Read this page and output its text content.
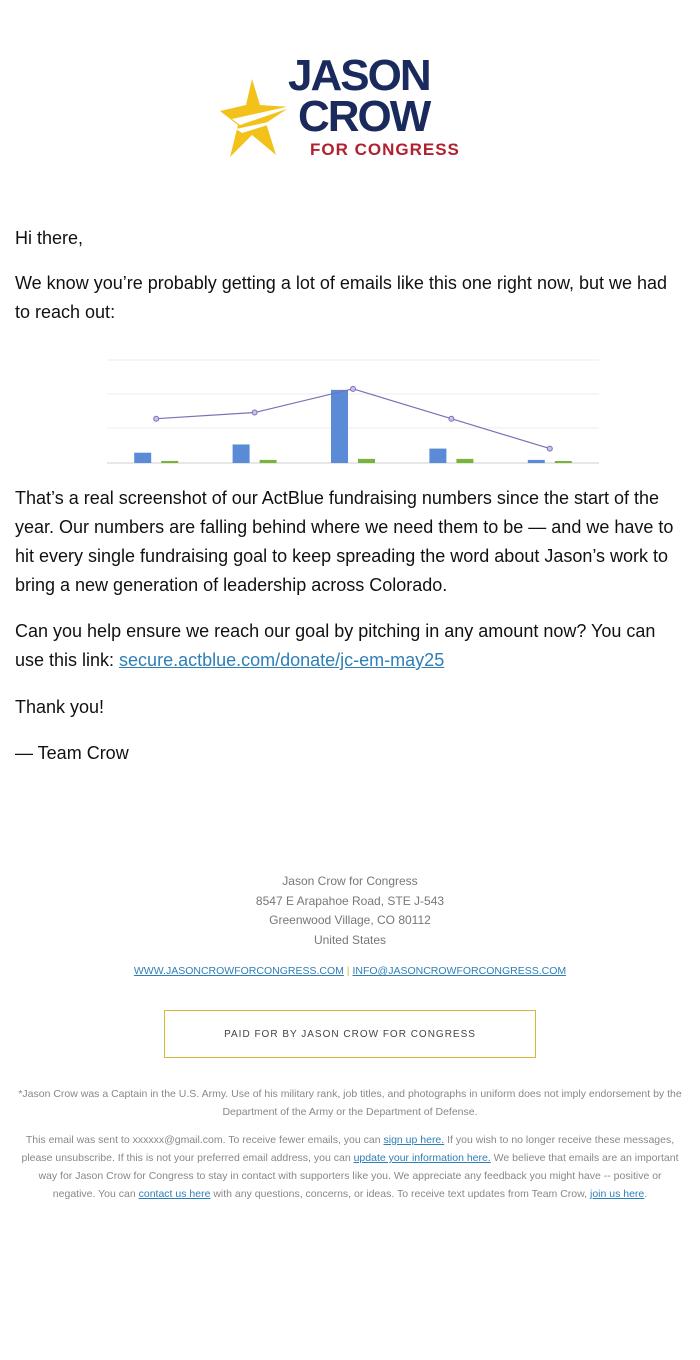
JASON
CROW
FOR CONGRESS

Hi there,

We know you’re probably getting a lot of emails like this one right now, but we had to reach out:

That’s a real screenshot of our ActBlue fundraising numbers since the start of the year. Our numbers are falling behind where we need them to be — and we have to hit every single fundraising goal to keep spreading the word about Jason’s work to bring a new generation of leadership across Colorado.

Can you help ensure we reach our goal by pitching in any amount now? You can use this link: secure.actblue.com/donate/jc-em-may25

Thank you!

— Team Crow

Jason Crow for Congress
8547 E Arapahoe Road, STE J-543
Greenwood Village, CO 80112
United States
WWW.JASONCROWFORCONGRESS.COM | INFO@JASONCROWFORCONGRESS.COM
PAID FOR BY JASON CROW FOR CONGRESS
*Jason Crow was a Captain in the U.S. Army. Use of his military rank, job titles, and photographs in uniform does not imply endorsement by the Department of the Army or the Department of Defense.
This email was sent to xxxxxx@gmail.com. To receive fewer emails, you can sign up here. If you wish to no longer receive these messages, please unsubscribe. If this is not your preferred email address, you can update your information here. We believe that emails are an important way for Jason Crow for Congress to stay in contact with supporters like you. We appreciate any feedback you might have -- positive or negative. You can contact us here with any questions, concerns, or ideas. To receive text updates from Team Crow, join us here.
